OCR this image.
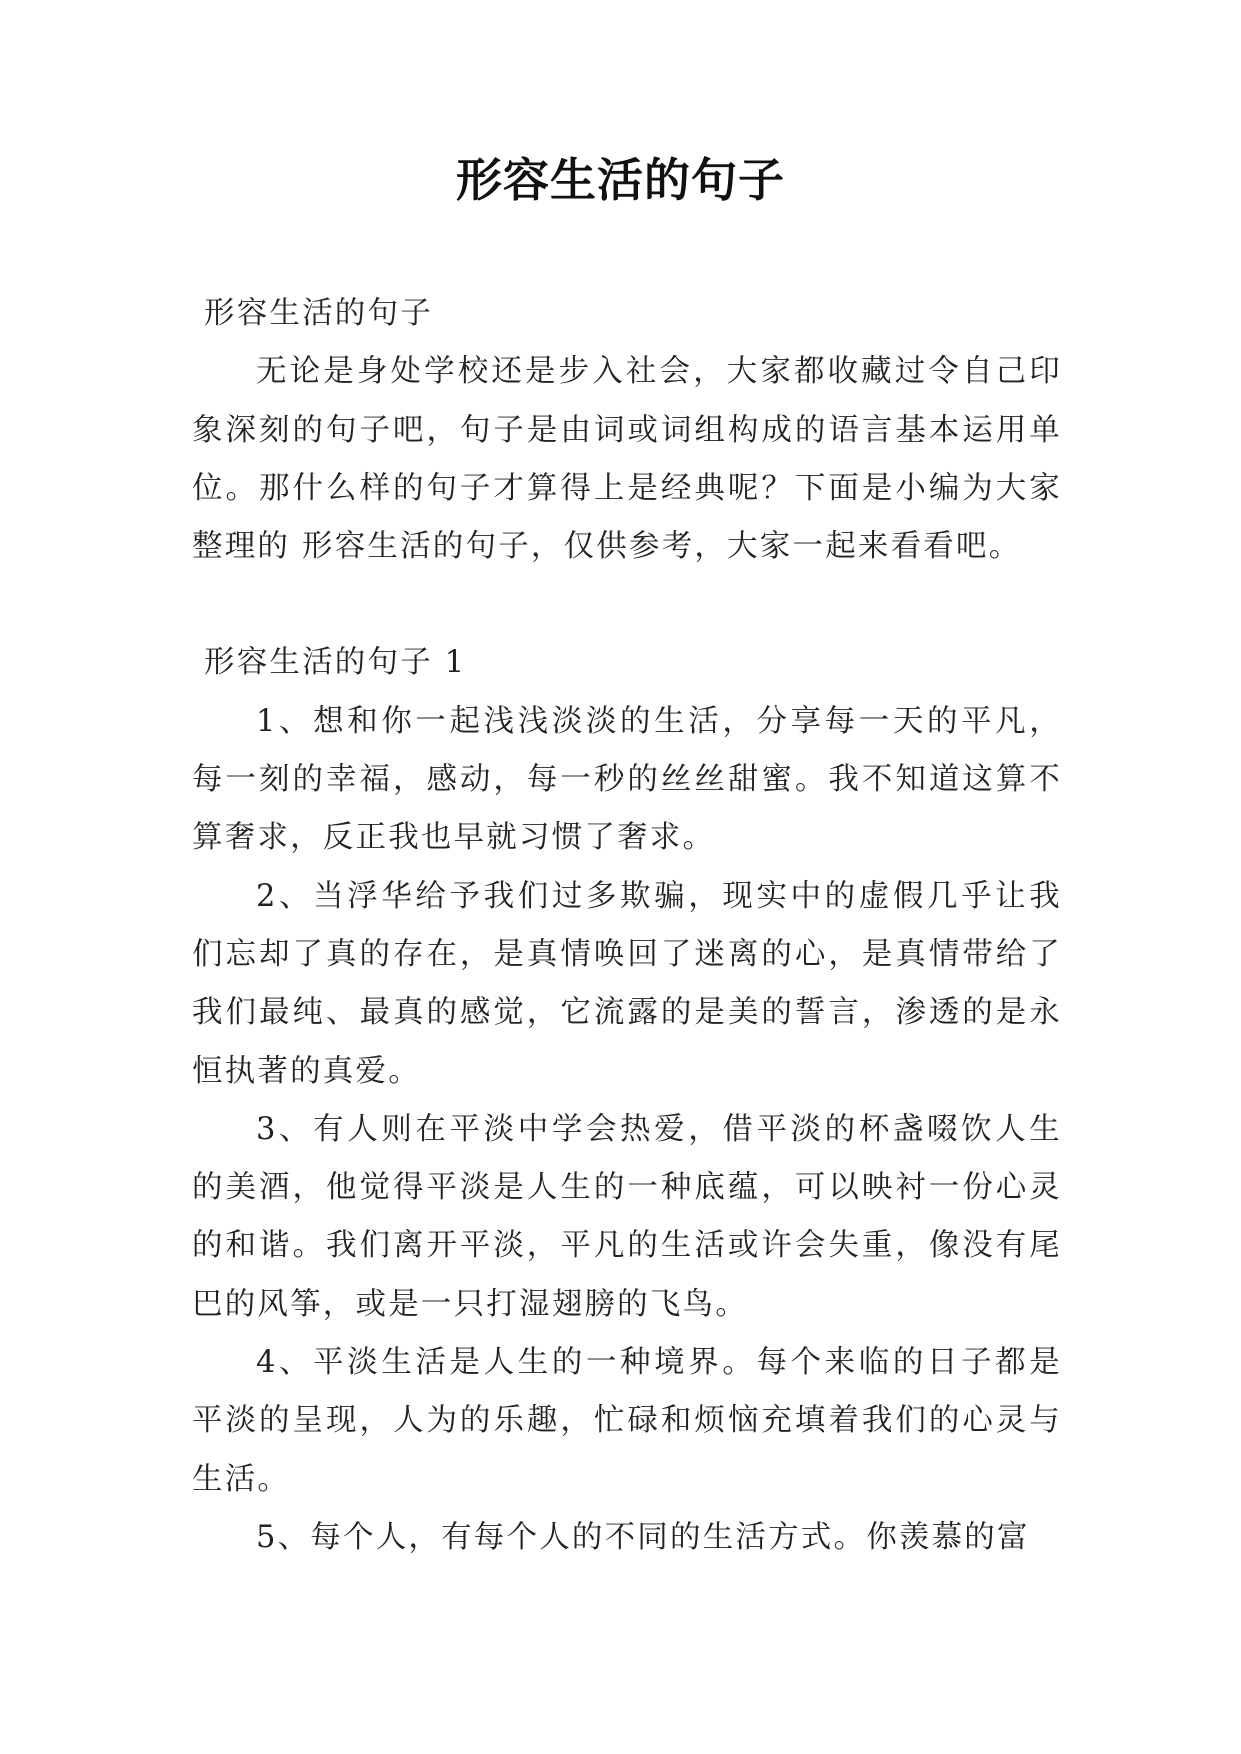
形容生活的句子

形容生活的句子

无论是身处学校还是步入社会，大家都收藏过令自己印象深刻的句子吧，句子是由词或词组构成的语言基本运用单位。那什么样的句子才算得上是经典呢？下面是小编为大家整理的 形容生活的句子，仅供参考，大家一起来看看吧。

形容生活的句子 1

1、想和你一起浅浅淡淡的生活，分享每一天的平凡，每一刻的幸福，感动，每一秒的丝丝甜蜜。我不知道这算不算奢求，反正我也早就习惯了奢求。

2、当浮华给予我们过多欺骗，现实中的虚假几乎让我们忘却了真的存在，是真情唤回了迷离的心，是真情带给了我们最纯、最真的感觉，它流露的是美的誓言，渗透的是永恒执著的真爱。

3、有人则在平淡中学会热爱，借平淡的杯盏啜饮人生的美酒，他觉得平淡是人生的一种底蕴，可以映衬一份心灵的和谐。我们离开平淡，平凡的生活或许会失重，像没有尾巴的风筝，或是一只打湿翅膀的飞鸟。

4、平淡生活是人生的一种境界。每个来临的日子都是平淡的呈现，人为的乐趣，忙碌和烦恼充填着我们的心灵与生活。

5、每个人，有每个人的不同的生活方式。你羡慕的富
